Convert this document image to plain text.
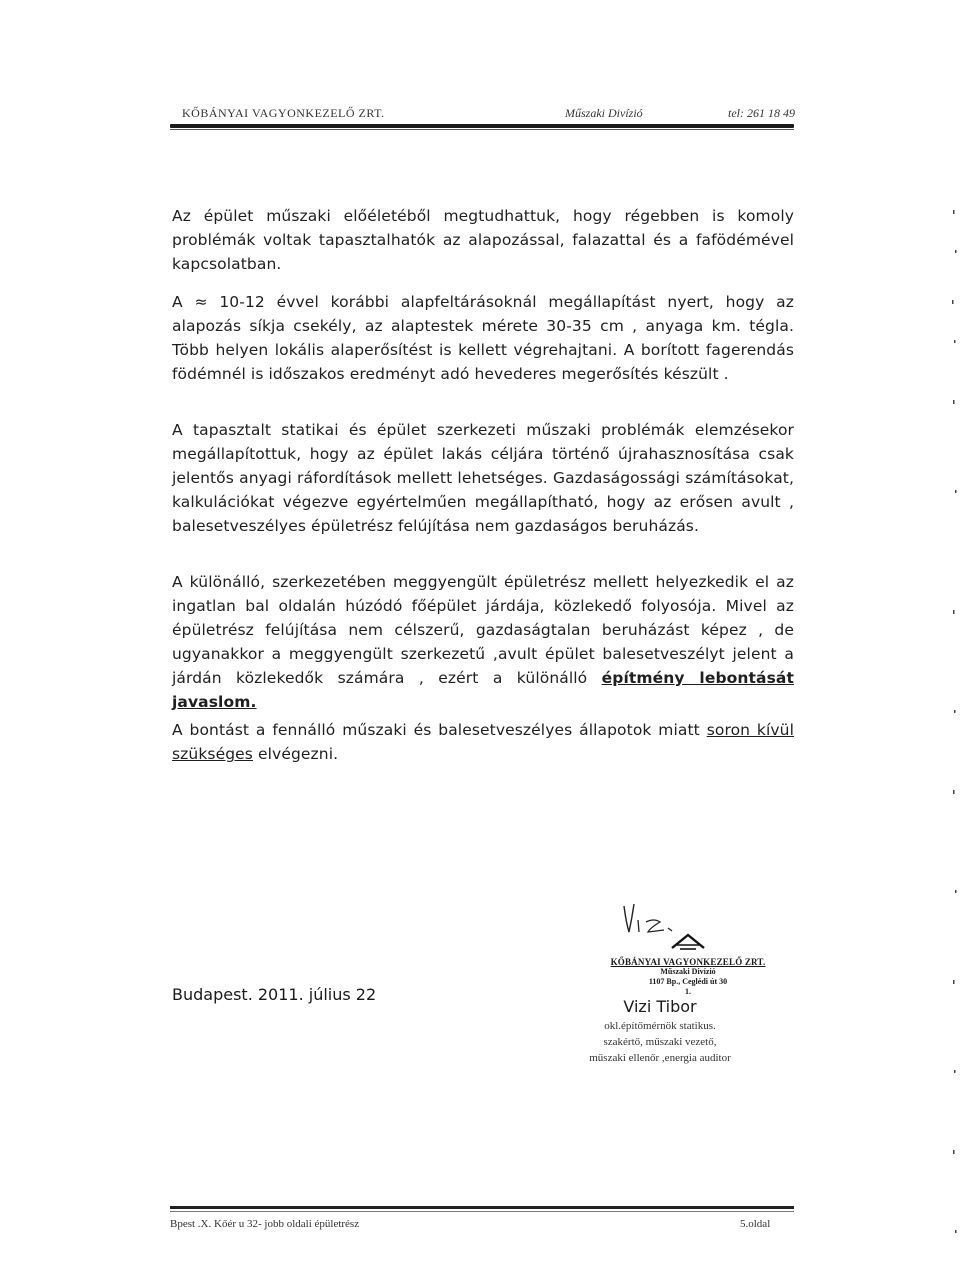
KŐBÁNYAI VAGYONKEZELŐ ZRT.	Műszaki Divízió	tel: 261 18 49
Az épület műszaki előéletéből megtudhattuk, hogy régebben is komoly problémák voltak tapasztalhatók az alapozással, falazattal és a fafödémével kapcsolatban.
A ≈ 10-12 évvel korábbi alapfeltárásoknál megállapítást nyert, hogy az alapozás síkja csekély, az alaptestek mérete 30-35 cm , anyaga km. tégla. Több helyen lokális alaperősítést is kellett végrehajtani. A borított fagerendás födémnél is időszakos eredményt adó hevederes megerősítés készült .
A tapasztalt statikai és épület szerkezeti műszaki problémák elemzésekor megállapítottuk, hogy az épület lakás céljára történő újrahasznosítása csak jelentős anyagi ráfordítások mellett lehetséges. Gazdaságossági számításokat, kalkulációkat végezve egyértelműen megállapítható, hogy az erősen avult , balesetveszélyes épületrész felújítása nem gazdaságos beruházás.
A különálló, szerkezetében meggyengült épületrész mellett helyezkedik el az ingatlan bal oldalán húzódó főépület járdája, közlekedő folyosója. Mivel az épületrész felújítása nem célszerű, gazdaságtalan beruházást képez , de ugyanakkor a meggyengült szerkezetű ,avult épület balesetveszélyt jelent a járdán közlekedők számára , ezért a különálló építmény lebontását javaslom.
A bontást a fennálló műszaki és balesetveszélyes állapotok miatt soron kívül szükséges elvégezni.
KŐBÁNYAI VAGYONKEZELŐ ZRT.
Műszaki Divízió
1107 Bp., Ceglédi út 30
1.
Budapest. 2011. július 22
Vizi Tibor
okl.építőmérnök statikus.
szakértő, műszaki vezető,
műszaki ellenőr ,energia auditor
Bpest .X. Kőér u 32- jobb oldali épületrész	5.oldal
